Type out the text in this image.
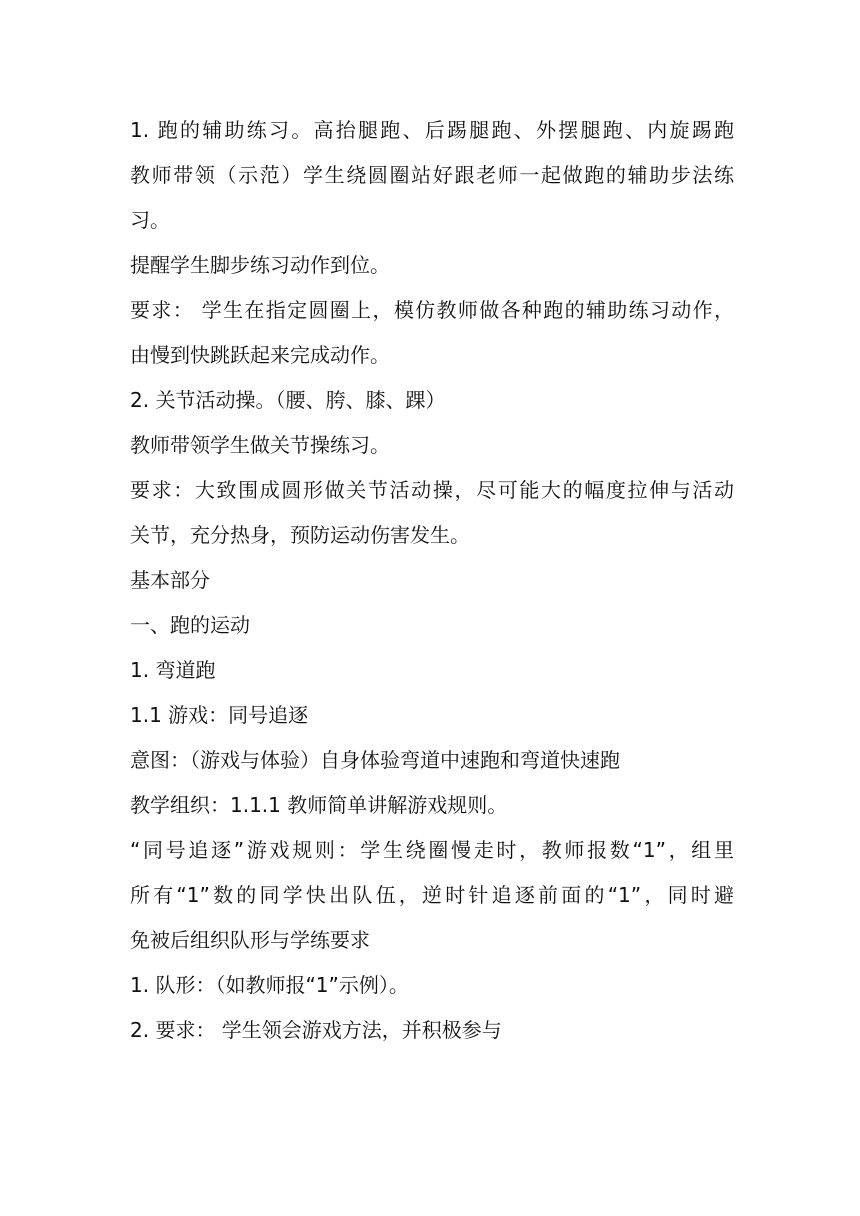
1. 跑的辅助练习。高抬腿跑、后踢腿跑、外摆腿跑、内旋踢跑
教师带领（示范）学生绕圆圈站好跟老师一起做跑的辅助步法练
习。
提醒学生脚步练习动作到位。
要求： 学生在指定圆圈上，模仿教师做各种跑的辅助练习动作，
由慢到快跳跃起来完成动作。
2. 关节活动操。（腰、胯、膝、踝）
教师带领学生做关节操练习。
要求：大致围成圆形做关节活动操，尽可能大的幅度拉伸与活动
关节，充分热身，预防运动伤害发生。
基本部分
一、跑的运动
1. 弯道跑
1.1 游戏：同号追逐
意图：（游戏与体验）自身体验弯道中速跑和弯道快速跑
教学组织：1.1.1 教师简单讲解游戏规则。
“同号追逐”游戏规则：学生绕圈慢走时，教师报数“1”，组里
所有“1”数的同学快出队伍，逆时针追逐前面的“1”，同时避
免被后组织队形与学练要求
1. 队形：（如教师报“1”示例）。
2. 要求： 学生领会游戏方法，并积极参与
